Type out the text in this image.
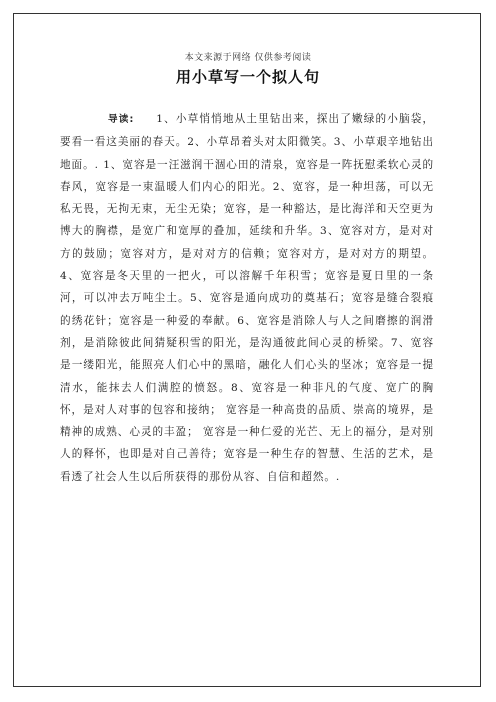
本文来源于网络 仅供参考阅读
用小草写一个拟人句
导读: 1、小草悄悄地从土里钻出来，探出了嫩绿的小脑袋，要看一看这美丽的春天。2、小草昂着头对太阳微笑。3、小草艰辛地钻出地面。. 1、宽容是一汪滋润干涸心田的清泉，宽容是一阵抚慰柔软心灵的春风，宽容是一束温暖人们内心的阳光。2、宽容，是一种坦荡，可以无私无畏，无拘无束，无尘无染；宽容，是一种豁达，是比海洋和天空更为博大的胸襟，是宽广和宽厚的叠加，延续和升华。3、宽容对方，是对对方的鼓励；宽容对方，是对对方的信赖；宽容对方，是对对方的期望。4、宽容是冬天里的一把火，可以溶解千年积雪；宽容是夏日里的一条河，可以冲去万吨尘土。5、宽容是通向成功的奠基石；宽容是缝合裂痕的绣花针；宽容是一种爱的奉献。6、宽容是消除人与人之间磨擦的润滑剂，是消除彼此间猜疑积雪的阳光，是沟通彼此间心灵的桥梁。7、宽容是一缕阳光，能照亮人们心中的黑暗，融化人们心头的坚冰；宽容是一提清水，能抹去人们满腔的愤怒。8、宽容是一种非凡的气度、宽广的胸怀，是对人对事的包容和接纳； 宽容是一种高贵的品质、崇高的境界，是精神的成熟、心灵的丰盈； 宽容是一种仁爱的光芒、无上的福分，是对别人的释怀，也即是对自己善待；宽容是一种生存的智慧、生活的艺术，是看透了社会人生以后所获得的那份从容、自信和超然。.
